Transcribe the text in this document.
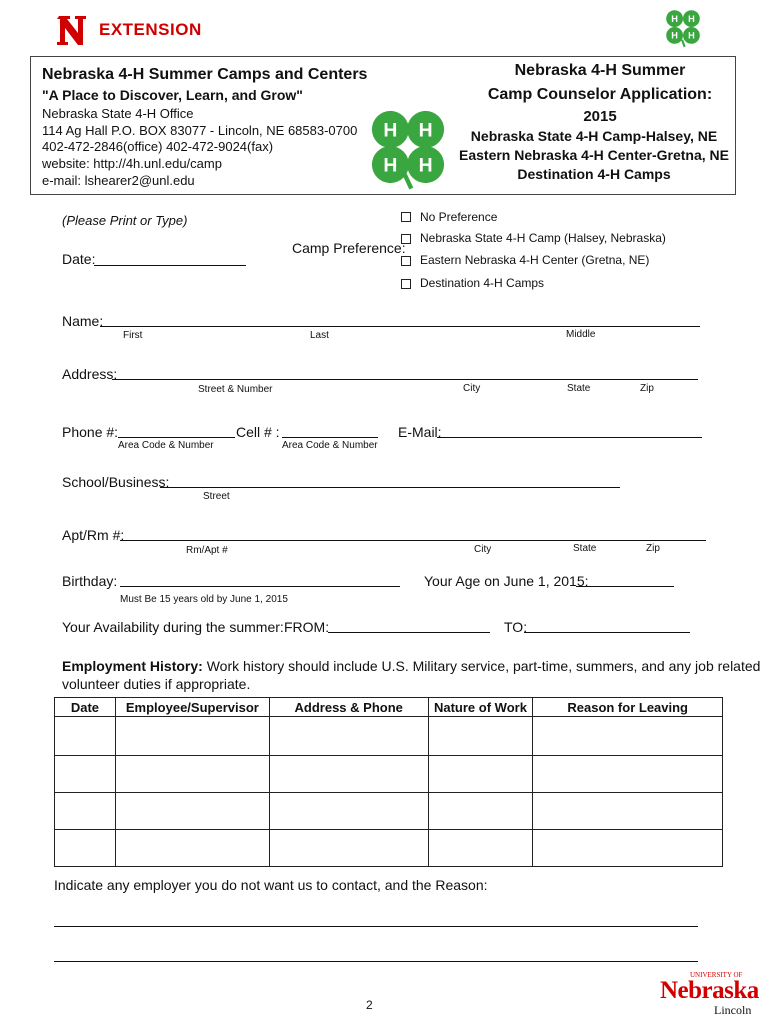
EXTENSION
H H
H H
Nebraska 4-H Summer Camps and Centers
"A Place to Discover, Learn, and Grow"
Nebraska State 4-H Office
114 Ag Hall P.O. BOX 83077 - Lincoln, NE 68583-0700
402-472-2846(office) 402-472-9024(fax)
website: http://4h.unl.edu/camp
e-mail: lshearer2@unl.edu
H H
H H
Nebraska 4-H Summer
Camp Counselor Application:
2015
Nebraska State 4-H Camp-Halsey, NE
Eastern Nebraska 4-H Center-Gretna, NE
Destination 4-H Camps
(Please Print or Type)
Date:
Camp Preference:
No Preference
Nebraska State 4-H Camp (Halsey, Nebraska)
Eastern Nebraska 4-H Center (Gretna, NE)
Destination 4-H Camps
Name:
First	Last	Middle
Address:
Street & Number	City	State	Zip
Phone #:	Cell # :
Area Code & Number	Area Code & Number
E-Mail:
School/Business:
Street
Apt/Rm #:
Rm/Apt #	City	State	Zip
Birthday:
Must Be 15 years old by June 1, 2015
Your Age on June 1, 2015:
Your Availability during the summer: FROM:	TO:
Employment History: Work history should include U.S. Military service, part-time, summers, and any job related
volunteer duties if appropriate.
Date	Employee/Supervisor	Address & Phone	Nature of Work	Reason for Leaving

Indicate any employer you do not want us to contact, and the Reason:
2
UNIVERSITY OF
Nebraska
Lincoln
